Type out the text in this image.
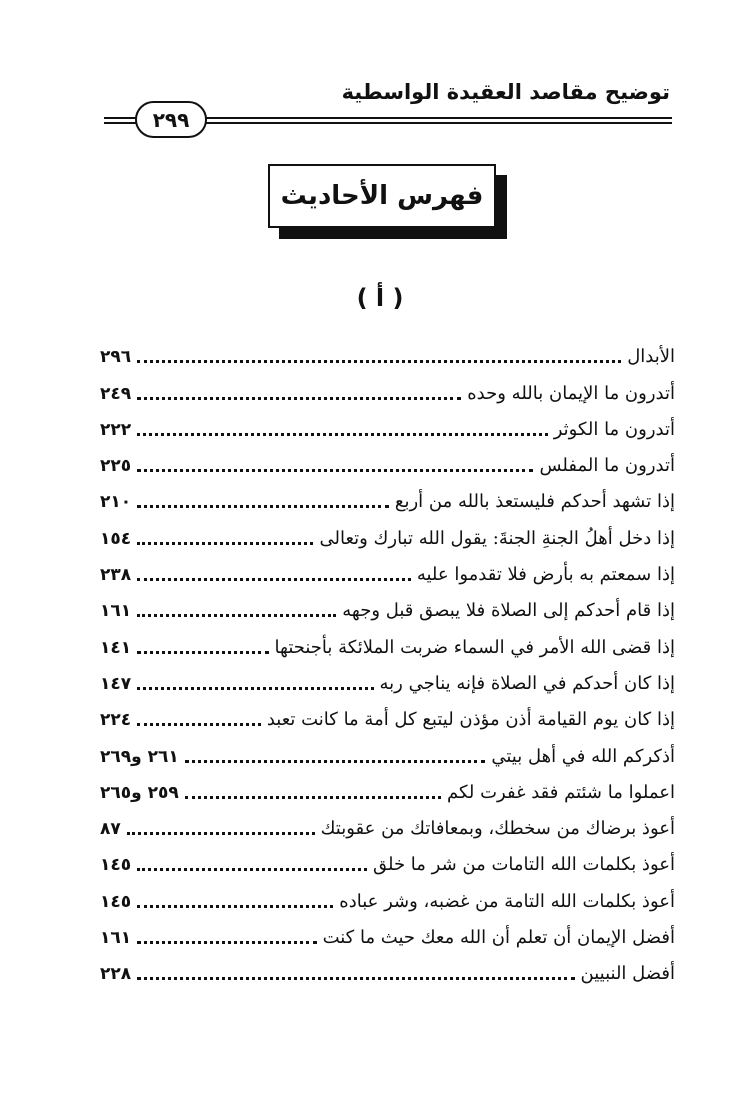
توضيح مقاصد العقيدة الواسطية
٢٩٩
فهرس الأحاديث
( أ )
الأبدال
٢٩٦
أتدرون ما الإيمان بالله وحده
٢٤٩
أتدرون ما الكوثر
٢٢٢
أتدرون ما المفلس
٢٢٥
إذا تشهد أحدكم فليستعذ بالله من أربع
٢١٠
إذا دخل أهلُ الجنةِ الجنةَ: يقول الله تبارك وتعالى
١٥٤
إذا سمعتم به بأرض فلا تقدموا عليه
٢٣٨
إذا قام أحدكم إلى الصلاة فلا يبصق قبل وجهه
١٦١
إذا قضى الله الأمر في السماء ضربت الملائكة بأجنحتها
١٤١
إذا كان أحدكم في الصلاة فإنه يناجي ربه
١٤٧
إذا كان يوم القيامة أذن مؤذن ليتبع كل أمة ما كانت تعبد
٢٢٤
أذكركم الله في أهل بيتي
٢٦١ و٢٦٩
اعملوا ما شئتم فقد غفرت لكم
٢٥٩ و٢٦٥
أعوذ برضاك من سخطك، وبمعافاتك من عقوبتك
٨٧
أعوذ بكلمات الله التامات من شر ما خلق
١٤٥
أعوذ بكلمات الله التامة من غضبه، وشر عباده
١٤٥
أفضل الإيمان أن تعلم أن الله معك حيث ما كنت
١٦١
أفضل النبيين
٢٢٨
